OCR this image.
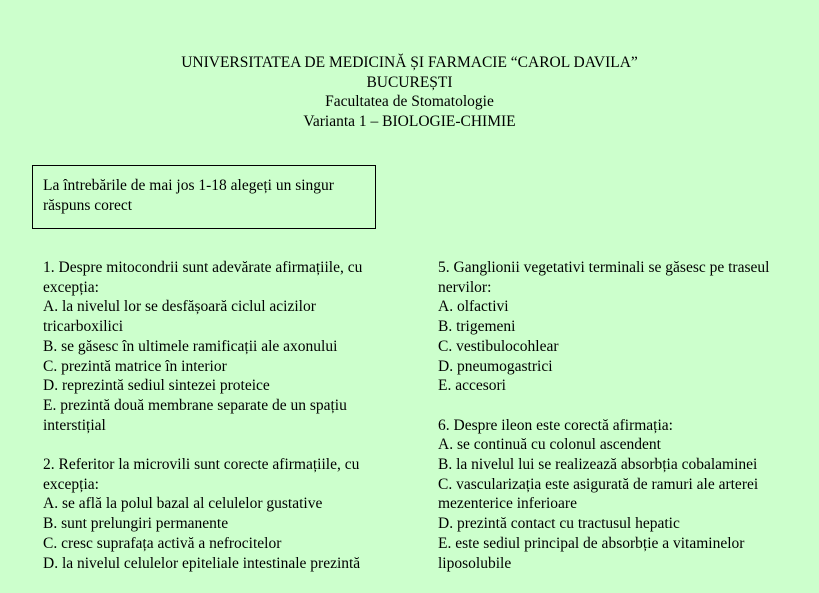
UNIVERSITATEA DE MEDICINĂ ȘI FARMACIE “CAROL DAVILA”
BUCUREȘTI
Facultatea de Stomatologie
Varianta 1 – BIOLOGIE-CHIMIE
La întrebările de mai jos 1-18 alegeți un singur răspuns corect

1. Despre mitocondrii sunt adevărate afirmațiile, cu excepția:

A. la nivelul lor se desfășoară ciclul acizilor tricarboxilici

B. se găsesc în ultimele ramificații ale axonului

C. prezintă matrice în interior

D. reprezintă sediul sintezei proteice

E. prezintă două membrane separate de un spațiu interstițial

2. Referitor la microvili sunt corecte afirmațiile, cu excepția:

A. se află la polul bazal al celulelor gustative

B. sunt prelungiri permanente

C. cresc suprafața activă a nefrocitelor

D. la nivelul celulelor epiteliale intestinale prezintă

5. Ganglionii vegetativi terminali se găsesc pe traseul nervilor:

A. olfactivi

B. trigemeni

C. vestibulocohlear

D. pneumogastrici

E. accesori

6. Despre ileon este corectă afirmația:

A. se continuă cu colonul ascendent

B. la nivelul lui se realizează absorbția cobalaminei

C. vascularizația este asigurată de ramuri ale arterei mezenterice inferioare

D. prezintă contact cu tractusul hepatic

E. este sediul principal de absorbție a vitaminelor liposolubile
